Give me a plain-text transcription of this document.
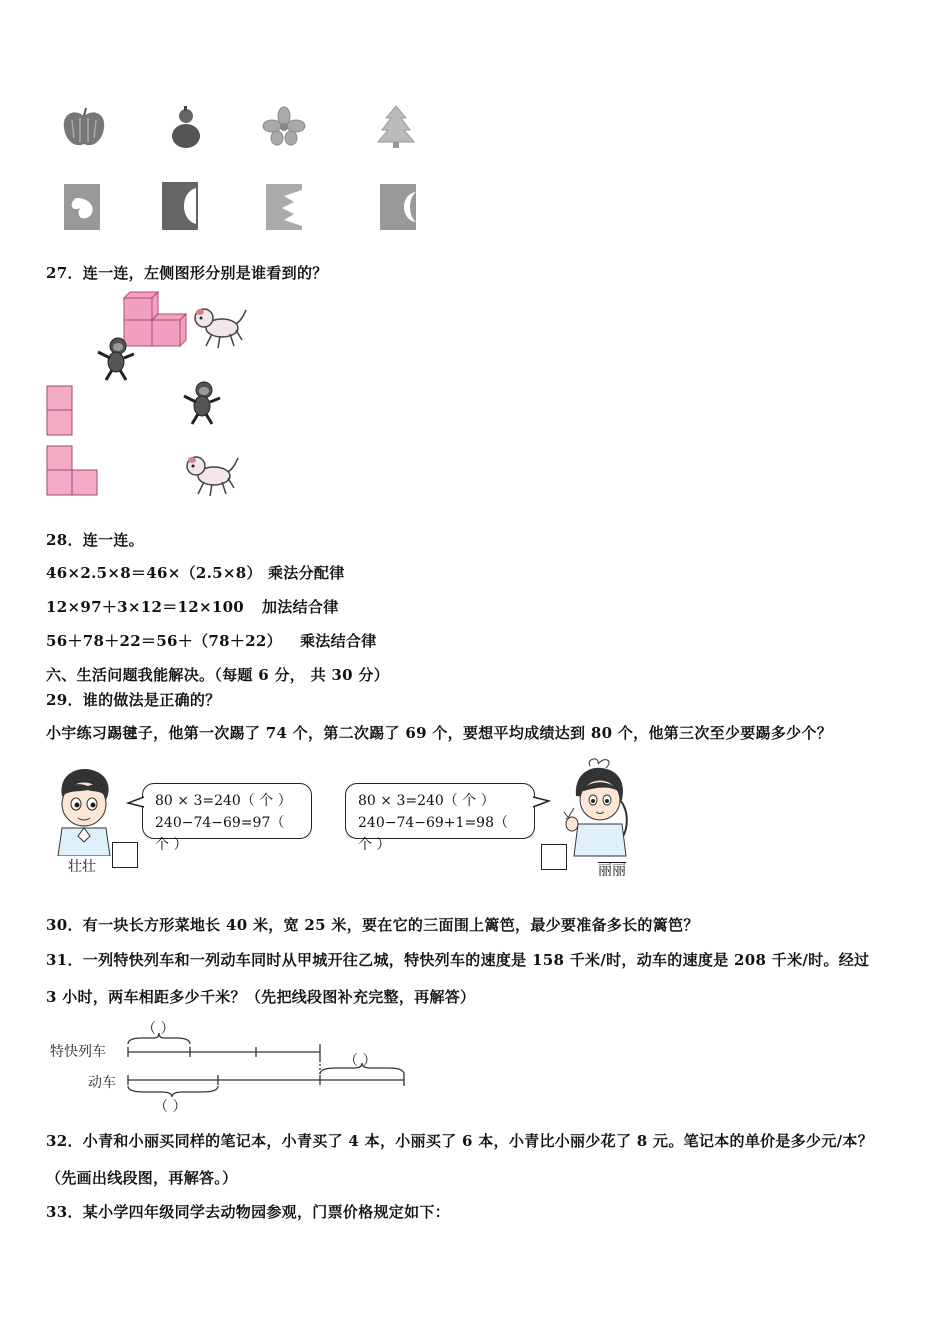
27．连一连，左侧图形分别是谁看到的？
28．连一连。
46×2.5×8＝46×（2.5×8） 乘法分配律
12×97＋3×12＝12×100 加法结合律
56＋78＋22＝56＋（78＋22） 乘法结合律
六、生活问题我能解决。（每题 6 分， 共 30 分）
29．谁的做法是正确的？
小宇练习踢毽子，他第一次踢了 74 个，第二次踢了 69 个，要想平均成绩达到 80 个，他第三次至少要踢多少个？
壮壮
80 × 3=240（ 个 ）
240−74−69=97（ 个 ）
80 × 3=240（ 个 ）
240−74−69+1=98（ 个 ）
丽丽
30．有一块长方形菜地长 40 米，宽 25 米，要在它的三面围上篱笆，最少要准备多长的篱笆？
31．一列特快列车和一列动车同时从甲城开往乙城，特快列车的速度是 158 千米/时，动车的速度是 208 千米/时。经过
3 小时，两车相距多少千米？（先把线段图补充完整，再解答）
特快列车
动车
（ ）
（ ）
（ ）
32．小青和小丽买同样的笔记本，小青买了 4 本，小丽买了 6 本，小青比小丽少花了 8 元。笔记本的单价是多少元/本？
（先画出线段图，再解答。）
33．某小学四年级同学去动物园参观，门票价格规定如下：
